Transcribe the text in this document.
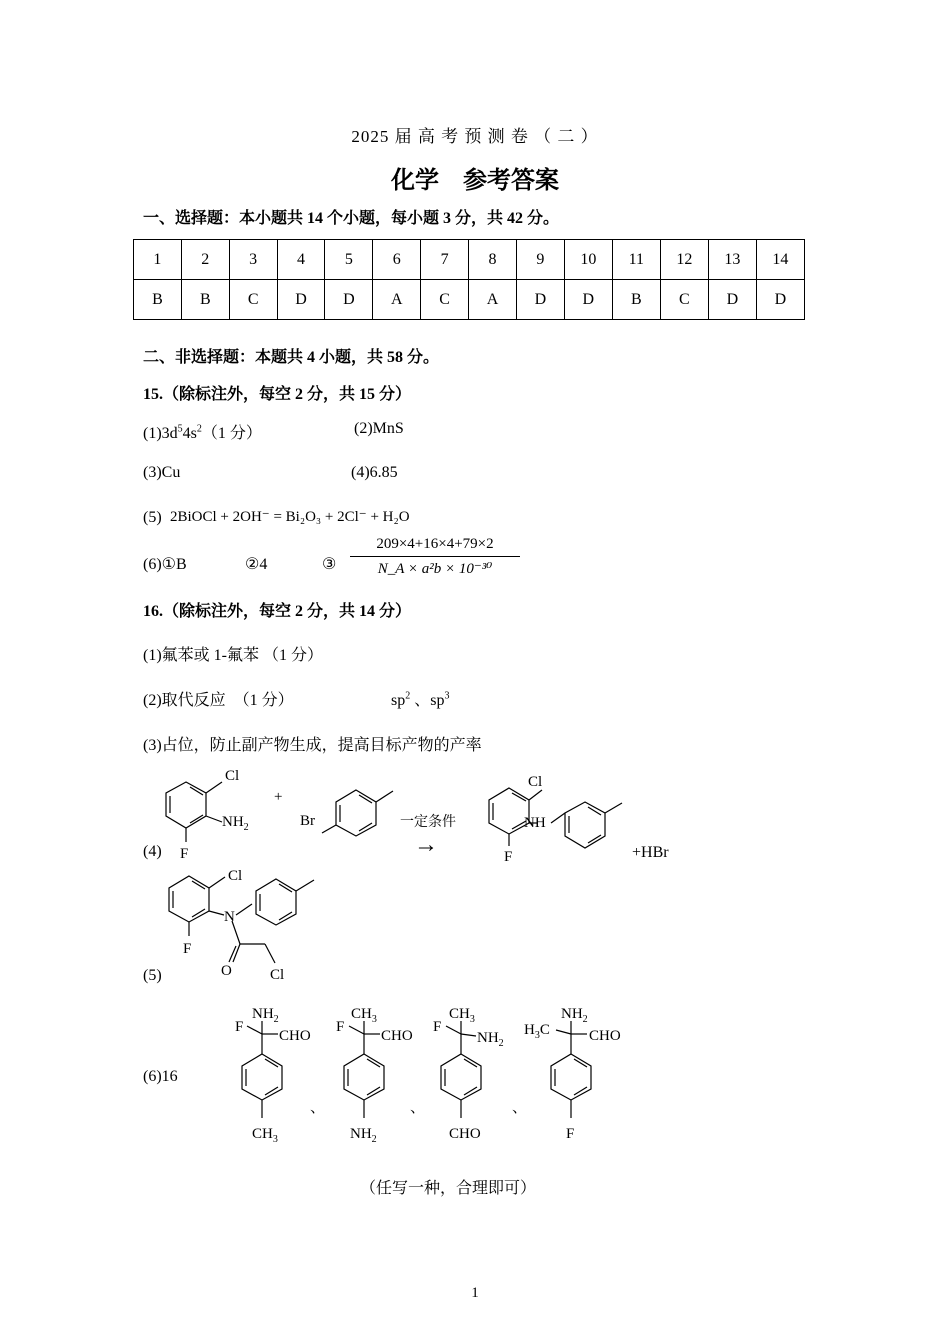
2025 届 高 考 预 测 卷 （ 二 ）
化学　参考答案
一、选择题：本小题共 14 个小题，每小题 3 分，共 42 分。
1	2	3	4	5	6	7	8	9	10	11	12	13	14
B	B	C	D	D	A	C	A	D	D	B	C	D	D
二、非选择题：本题共 4 小题，共 58 分。
15.（除标注外，每空 2 分，共 15 分）
$(1)3d^54s^2(1$ 分）	(2)MnS
(3)Cu	(4)6.85
(5) 2BiOCl + 2OH⁻ = Bi₂O₃ + 2Cl⁻ + H₂O
(6)①B	②4	③ $\frac{209\times 4+16\times 4+79\times 2}{\text{N\_A × a²b × 10⁻³⁰}}$
16.（除标注外，每空 2 分，共 14 分）
(1)氟苯或 1-氟苯 （1 分）
(2)取代反应　（1 分）	$sp^2$ 、$sp^3$
(3)占位，防止副产物生成，提高目标产物的产率
Cl
$NH_2$
F
+
Br	一定条件
→
Cl
NH
F	+HBr
Cl
N
F
O	Cl
$NH_2$
F
CHO
$CH_3$
、
$CH_3$
F
CHO
$NH_2$
、
$CH_3$
F
$NH_2$
CHO
、
$NH_2$
$H_3C$	CHO
F
(4)
(5)
(6)16
（任写一种，合理即可）
1
